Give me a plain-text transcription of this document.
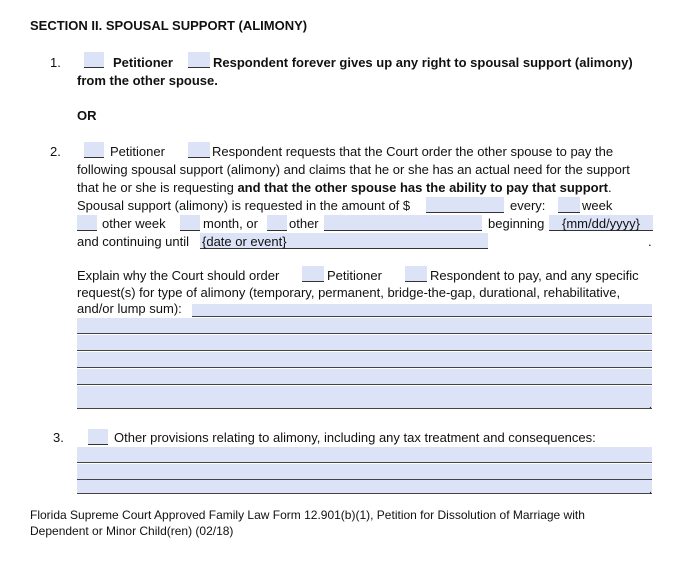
SECTION II. SPOUSAL SUPPORT (ALIMONY)
1.	Petitioner	Respondent forever gives up any right to spousal support (alimony)
from the other spouse.
OR
2.	Petitioner	Respondent requests that the Court order the other spouse to pay the
following spousal support (alimony) and claims that he or she has an actual need for the support
that he or she is requesting and that the other spouse has the ability to pay that support.
Spousal support (alimony) is requested in the amount of $	every:	week
other week	month, or other	beginning {mm/dd/yyyy}
and continuing until {date or event}	.
Explain why the Court should order	Petitioner	Respondent to pay, and any specific
request(s) for type of alimony (temporary, permanent, bridge-the-gap, durational, rehabilitative,
and/or lump sum):
.
3.	Other provisions relating to alimony, including any tax treatment and consequences:
.
Florida Supreme Court Approved Family Law Form 12.901(b)(1), Petition for Dissolution of Marriage with
Dependent or Minor Child(ren) (02/18)
